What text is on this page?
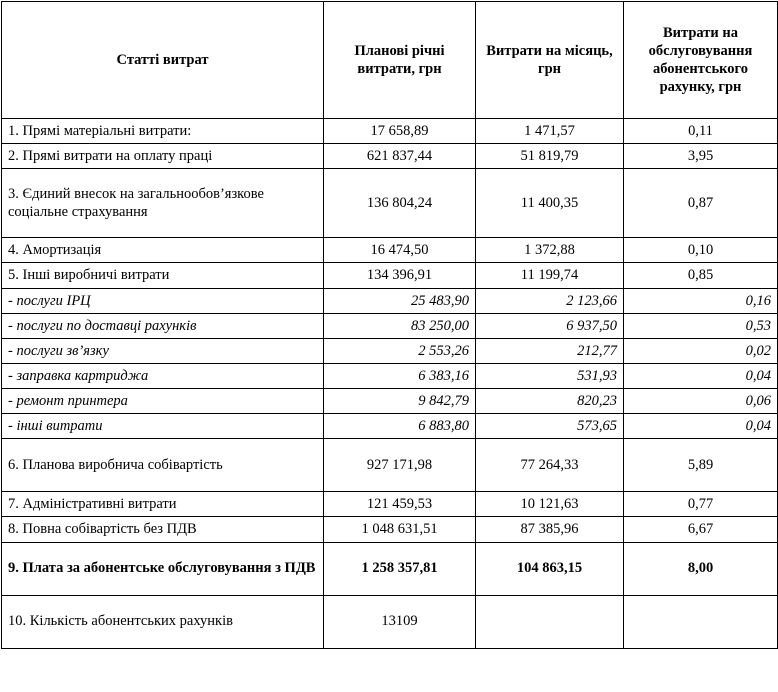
Статті витрат	Планові річні витрати, грн	Витрати на місяць, грн	Витрати на обслуговування абонентського рахунку, грн
1. Прямі матеріальні витрати:	17 658,89	1 471,57	0,11
2. Прямі витрати на оплату праці	621 837,44	51 819,79	3,95
3. Єдиний внесок на загальнообов’язкове соціальне страхування	136 804,24	11 400,35	0,87
4. Амортизація	16 474,50	1 372,88	0,10
5. Інші виробничі витрати	134 396,91	11 199,74	0,85
- послуги ІРЦ	25 483,90	2 123,66	0,16
- послуги по доставці рахунків	83 250,00	6 937,50	0,53
- послуги зв’язку	2 553,26	212,77	0,02
- заправка картриджа	6 383,16	531,93	0,04
- ремонт принтера	9 842,79	820,23	0,06
- інші витрати	6 883,80	573,65	0,04
6. Планова виробнича собівартість	927 171,98	77 264,33	5,89
7. Адміністративні витрати	121 459,53	10 121,63	0,77
8. Повна собівартість без ПДВ	1 048 631,51	87 385,96	6,67
9. Плата за абонентське обслуговування з ПДВ	1 258 357,81	104 863,15	8,00
10. Кількість абонентських рахунків	13109		
